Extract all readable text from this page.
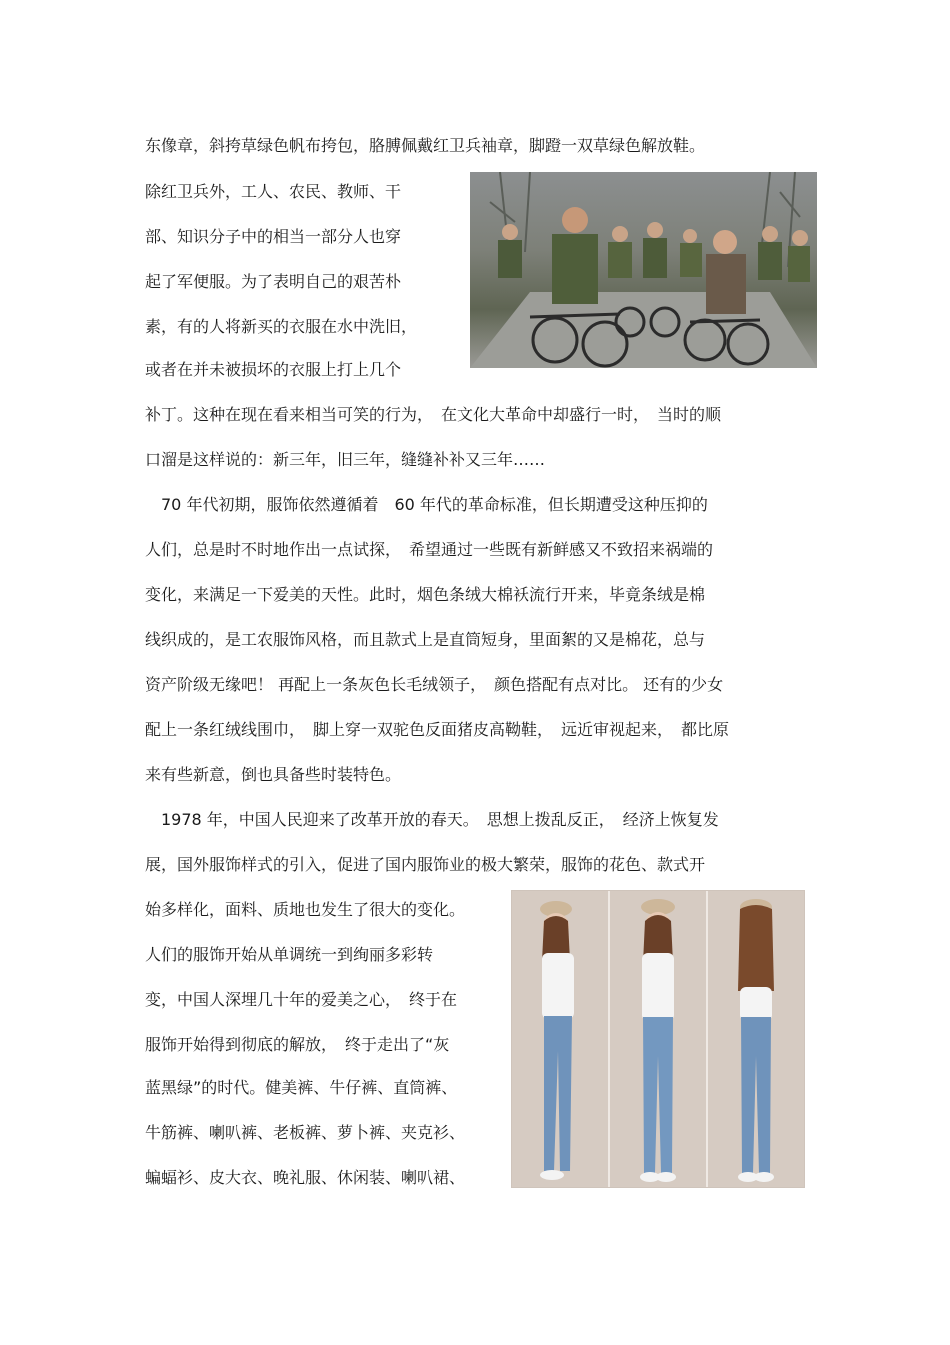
东像章，斜挎草绿色帆布挎包，胳膊佩戴红卫兵袖章，脚蹬一双草绿色解放鞋。

除红卫兵外，工人、农民、教师、干

部、知识分子中的相当一部分人也穿

起了军便服。为了表明自己的艰苦朴

素，有的人将新买的衣服在水中洗旧，

或者在并未被损坏的衣服上打上几个

补丁。这种在现在看来相当可笑的行为，　在文化大革命中却盛行一时，　当时的顺

口溜是这样说的：新三年，旧三年，缝缝补补又三年……

　70 年代初期，服饰依然遵循着　60 年代的革命标准，但长期遭受这种压抑的

人们，总是时不时地作出一点试探，　希望通过一些既有新鲜感又不致招来祸端的

变化，来满足一下爱美的天性。此时，烟色条绒大棉袄流行开来，毕竟条绒是棉

线织成的，是工农服饰风格，而且款式上是直筒短身，里面絮的又是棉花，总与

资产阶级无缘吧！ 再配上一条灰色长毛绒领子，　颜色搭配有点对比。 还有的少女

配上一条红绒线围巾，　脚上穿一双驼色反面猪皮高靿鞋，　远近审视起来，　都比原

来有些新意，倒也具备些时装特色。

　1978 年，中国人民迎来了改革开放的春天。　思想上拨乱反正，　经济上恢复发

展，国外服饰样式的引入，促进了国内服饰业的极大繁荣，服饰的花色、款式开

始多样化，面料、质地也发生了很大的变化。

人们的服饰开始从单调统一到绚丽多彩转

变，中国人深埋几十年的爱美之心，　终于在

服饰开始得到彻底的解放，　终于走出了“灰

蓝黑绿”的时代。健美裤、牛仔裤、直筒裤、

牛筋裤、喇叭裤、老板裤、萝卜裤、夹克衫、

蝙蝠衫、皮大衣、晚礼服、休闲装、喇叭裙、
